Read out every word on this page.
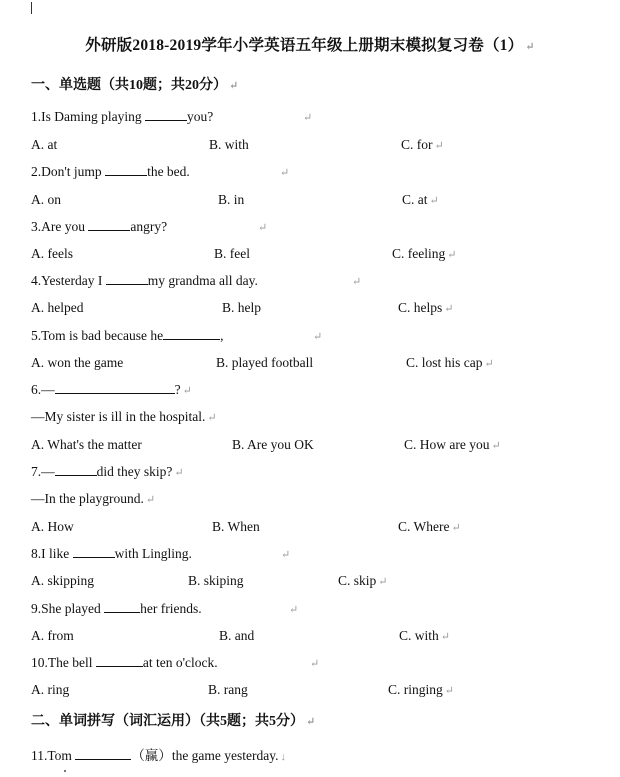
外研版2018-2019学年小学英语五年级上册期末模拟复习卷（1） ↵
一、单选题（共10题；共20分） ↵
1.Is Daming playing	you?	↵
A. at	B. with	C. for ↵
2.Don't jump	the bed.	↵
A. on	B. in	C. at ↵
3.Are you	angry?	↵
A. feels	B. feel	C. feeling ↵
4.Yesterday I	my grandma all day.	↵
A. helped	B. help	C. helps ↵
5.Tom is bad because he	,	↵
A. won the game	B. played football	C. lost his cap ↵
6.—	? ↵
—My sister is ill in the hospital. ↵
A. What's the matter	B. Are you OK	C. How are you ↵
7.—	did they skip? ↵
—In the playground. ↵
A. How	B. When	C. Where ↵
8.I like	with Lingling.	↵
A. skipping	B. skiping	C. skip ↵
9.She played	her friends.	↵
A. from	B. and	C. with ↵
10.The bell	at ten o'clock.	↵
A. ring	B. rang	C. ringing ↵
二、单词拼写（词汇运用）（共5题；共5分） ↵
11.Tom	（赢）the game yesterday. ↓
